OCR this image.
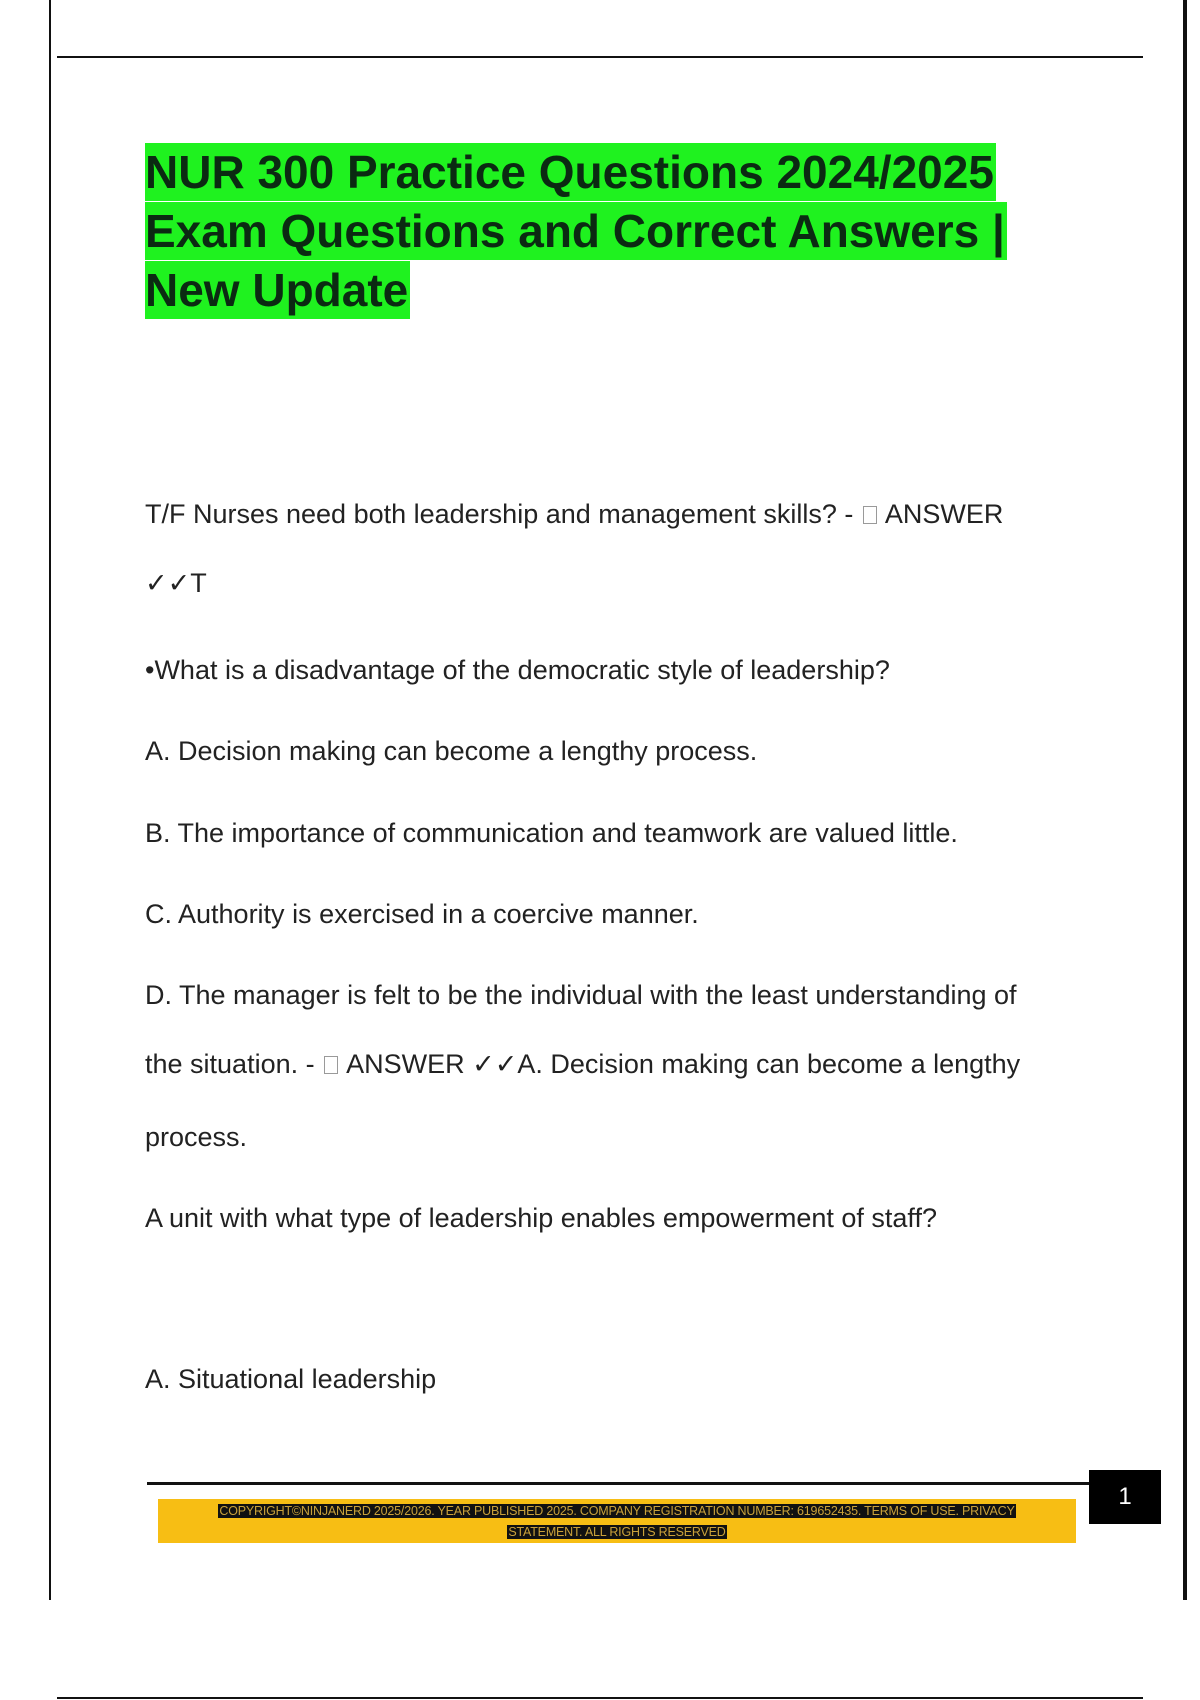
NUR 300 Practice Questions 2024/2025
Exam Questions and Correct Answers |
New Update

T/F Nurses need both leadership and management skills? - ANSWER

✓✓T

•What is a disadvantage of the democratic style of leadership?

A. Decision making can become a lengthy process.

B. The importance of communication and teamwork are valued little.

C. Authority is exercised in a coercive manner.

D. The manager is felt to be the individual with the least understanding of

the situation. - ANSWER ✓✓A. Decision making can become a lengthy

process.

A unit with what type of leadership enables empowerment of staff?

A. Situational leadership

1
COPYRIGHT©NINJANERD 2025/2026. YEAR PUBLISHED 2025. COMPANY REGISTRATION NUMBER: 619652435. TERMS OF USE. PRIVACY
STATEMENT. ALL RIGHTS RESERVED
